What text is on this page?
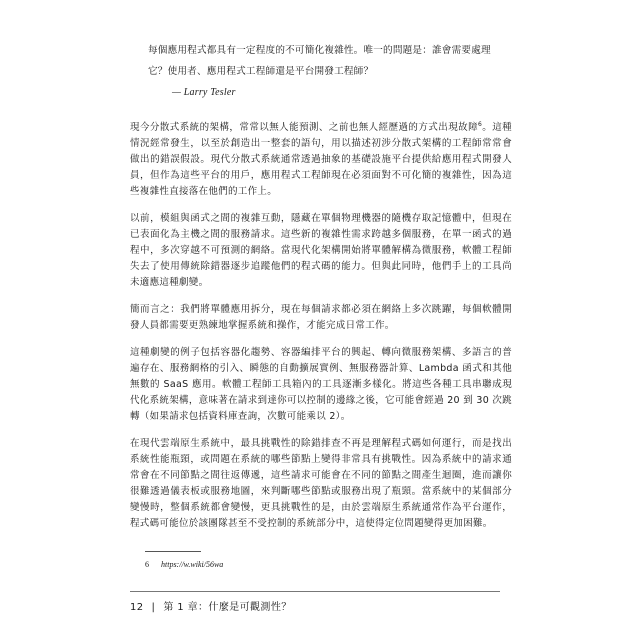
每個應用程式都具有一定程度的不可簡化複雜性。唯一的問題是：誰會需要處理它？使用者、應用程式工程師還是平台開發工程師？

— Larry Tesler

現今分散式系統的架構，常常以無人能預測、之前也無人經歷過的方式出現故障$^6$。這種情況經常發生，以至於創造出一整套的語句，用以描述初涉分散式架構的工程師常常會做出的錯誤假設。現代分散式系統通常透過抽象的基礎設施平台提供給應用程式開發人員，但作為這些平台的用戶，應用程式工程師現在必須面對不可化簡的複雜性，因為這些複雜性直接落在他們的工作上。

以前，模組與函式之間的複雜互動，隱藏在單個物理機器的隨機存取記憶體中，但現在已表面化為主機之間的服務請求。這些新的複雜性需求跨越多個服務，在單一函式的過程中，多次穿越不可預測的網絡。當現代化架構開始將單體解構為微服務，軟體工程師失去了使用傳統除錯器逐步追蹤他們的程式碼的能力。但與此同時，他們手上的工具尚未適應這種劇變。

簡而言之：我們將單體應用拆分，現在每個請求都必須在網絡上多次跳躍，每個軟體開發人員都需要更熟練地掌握系統和操作，才能完成日常工作。

這種劇變的例子包括容器化趨勢、容器編排平台的興起、轉向微服務架構、多語言的普遍存在、服務網格的引入、瞬態的自動擴展實例、無服務器計算、Lambda 函式和其他無數的 SaaS 應用。軟體工程師工具箱內的工具逐漸多樣化。將這些各種工具串聯成現代化系統架構，意味著在請求到達你可以控制的邊緣之後，它可能會經過 20 到 30 次跳轉（如果請求包括資料庫查詢，次數可能乘以 2）。

在現代雲端原生系統中，最具挑戰性的除錯排查不再是理解程式碼如何運行，而是找出系統性能瓶頸，或問題在系統的哪些節點上變得非常具有挑戰性。因為系統中的請求通常會在不同節點之間往返傳遞，這些請求可能會在不同的節點之間產生迴圈，進而讓你很難透過儀表板或服務地圖，來判斷哪些節點或服務出現了瓶頸。當系統中的某個部分變慢時，整個系統都會變慢，更具挑戰性的是，由於雲端原生系統通常作為平台運作，程式碼可能位於該團隊甚至不受控制的系統部分中，這使得定位問題變得更加困難。

6 https://w.wiki/56wa
12 | 第 1 章：什麼是可觀測性？
